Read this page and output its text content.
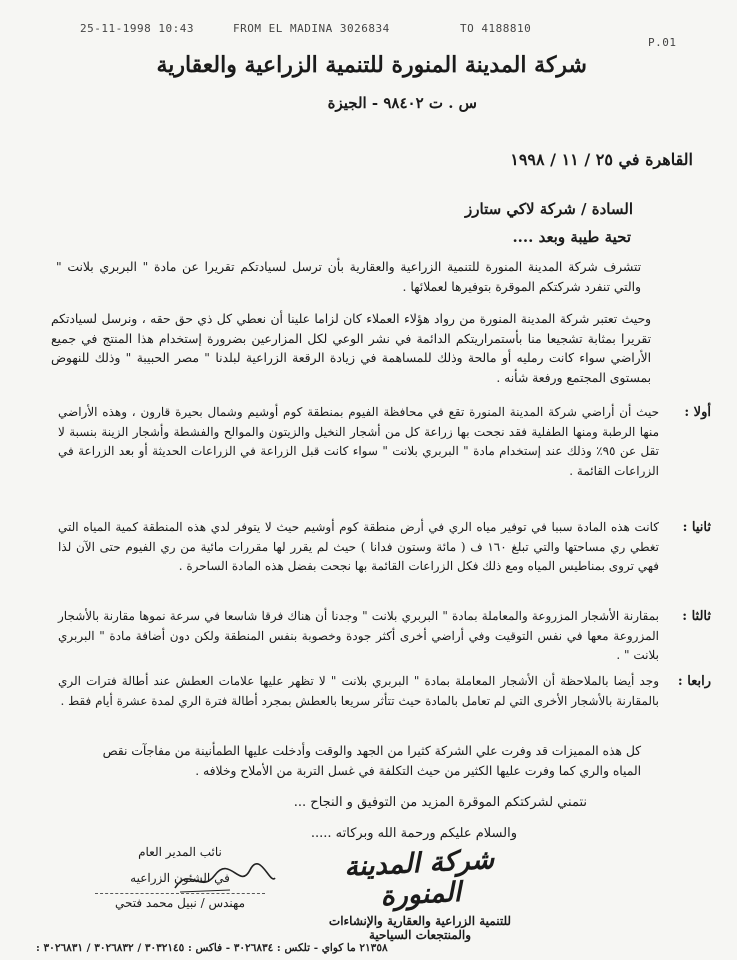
25-11-1998 10:43	FROM EL MADINA 3026834	TO 4188810
P.01
شركة المدينة المنورة للتنمية الزراعية والعقارية
س . ت ٩٨٤٠٢ - الجيزة
القاهرة في ٢٥ / ١١ / ١٩٩٨
السادة / شركة لاكي ستارز
تحية طيبة وبعد ....
تتشرف شركة المدينة المنورة للتنمية الزراعية والعقارية بأن ترسل لسيادتكم تقريرا عن مادة " البربري بلانت " والتي تنفرد شركتكم الموقرة بتوفيرها لعملائها .
وحيث تعتبر شركة المدينة المنورة من رواد هؤلاء العملاء كان لزاما علينا أن نعطي كل ذي حق حقه ، ونرسل لسيادتكم تقريرا بمثابة تشجيعا منا بأستمراريتكم الدائمة في نشر الوعي لكل المزارعين بضرورة إستخدام هذا المنتج في جميع الأراضي سواء كانت رمليه أو مالحة وذلك للمساهمة في زيادة الرقعة الزراعية لبلدنا " مصر الحبيبة " وذلك للنهوض بمستوى المجتمع ورفعة شأنه .
أولا :
حيث أن أراضي شركة المدينة المنورة تقع في محافظة الفيوم بمنطقة كوم أوشيم وشمال بحيرة قارون ، وهذه الأراضي منها الرطبة ومنها الطفلية فقد نجحت بها زراعة كل من أشجار النخيل والزيتون والموالح والفشطة وأشجار الزينة بنسبة لا تقل عن ٩٥٪ وذلك عند إستخدام مادة " البربري بلانت " سواء كانت قبل الزراعة في الزراعات الحديثة أو بعد الزراعة في الزراعات القائمة .
ثانيا :
كانت هذه المادة سببا في توفير مياه الري في أرض منطقة كوم أوشيم حيث لا يتوفر لدي هذه المنطقة كمية المياه التي تغطي ري مساحتها والتي تبلغ ١٦٠ ف ( مائة وستون فدانا ) حيث لم يقرر لها مقررات مائية من ري الفيوم حتى الآن لذا فهي تروى بمناطيس المياه ومع ذلك فكل الزراعات القائمة بها نجحت بفضل هذه المادة الساحرة .
ثالثا :
بمقارنة الأشجار المزروعة والمعاملة بمادة " البربري بلانت " وجدنا أن هناك فرقا شاسعا في سرعة نموها مقارنة بالأشجار المزروعة معها في نفس التوقيت وفي أراضي أخرى أكثر جودة وخصوبة بنفس المنطقة ولكن دون أضافة مادة " البربري بلانت " .
رابعا :
وجد أيضا بالملاحظة أن الأشجار المعاملة بمادة " البربري بلانت " لا تظهر عليها علامات العطش عند أطالة فترات الري بالمقارنة بالأشجار الأخرى التي لم تعامل بالمادة حيث تتأثر سريعا بالعطش بمجرد أطالة فترة الري لمدة عشرة أيام فقط .
كل هذه المميزات قد وفرت علي الشركة كثيرا من الجهد والوقت وأدخلت عليها الطمأنينة من مفاجآت نقص المياه والري كما وفرت عليها الكثير من حيث التكلفة في غسل التربة من الأملاح وخلافه .
نتمني لشركتكم الموقرة المزيد من التوفيق و النجاح ...
والسلام عليكم ورحمة الله وبركاته .....
شركة المدينة المنورة
للتنمية الزراعية والعقارية والإنشاءات
والمنتجعات السياحية
نائب المدير العام
في الشئون الزراعيه
مهندس / نبيل محمد فتحي
٢١٣٥٨ ما كواي - تلكس : ٣٠٢٦٨٣٤ - فاكس : ٣٠٣٢١٤٥ / ٣٠٢٦٨٣٢ / ٣٠٢٦٨٣١ :
